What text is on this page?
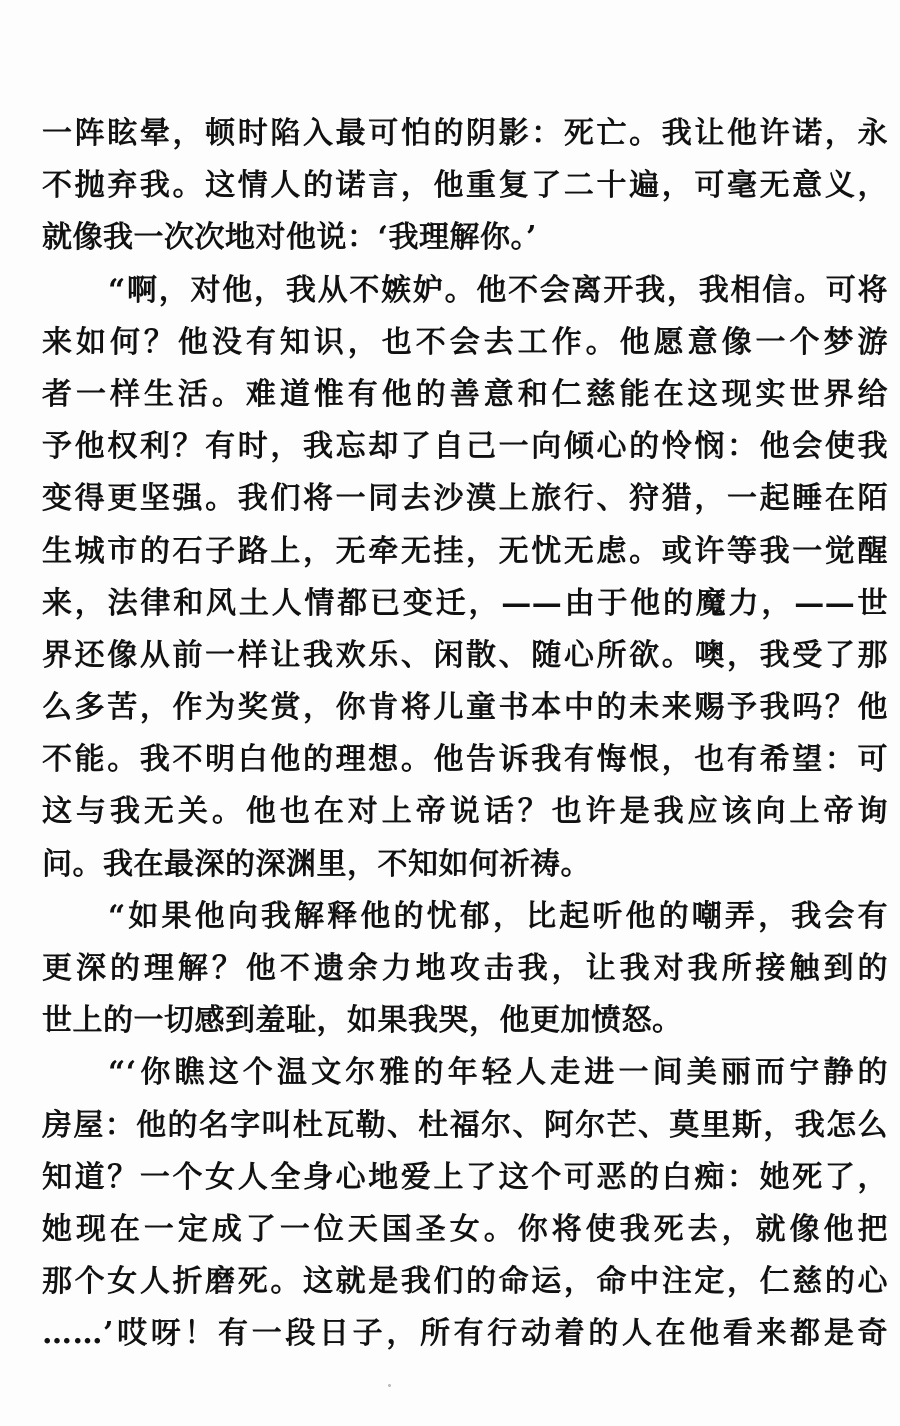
一阵眩晕，顿时陷入最可怕的阴影：死亡。我让他许诺，永
不抛弃我。这情人的诺言，他重复了二十遍，可毫无意义，
就像我一次次地对他说：‘我理解你。’
“啊，对他，我从不嫉妒。他不会离开我，我相信。可将
来如何？他没有知识，也不会去工作。他愿意像一个梦游
者一样生活。难道惟有他的善意和仁慈能在这现实世界给
予他权利？有时，我忘却了自己一向倾心的怜悯：他会使我
变得更坚强。我们将一同去沙漠上旅行、狩猎，一起睡在陌
生城市的石子路上，无牵无挂，无忧无虑。或许等我一觉醒
来，法律和风土人情都已变迁，——由于他的魔力，——世
界还像从前一样让我欢乐、闲散、随心所欲。噢，我受了那
么多苦，作为奖赏，你肯将儿童书本中的未来赐予我吗？他
不能。我不明白他的理想。他告诉我有悔恨，也有希望：可
这与我无关。他也在对上帝说话？也许是我应该向上帝询
问。我在最深的深渊里，不知如何祈祷。
“如果他向我解释他的忧郁，比起听他的嘲弄，我会有
更深的理解？他不遗余力地攻击我，让我对我所接触到的
世上的一切感到羞耻，如果我哭，他更加愤怒。
“‘你瞧这个温文尔雅的年轻人走进一间美丽而宁静的
房屋：他的名字叫杜瓦勒、杜福尔、阿尔芒、莫里斯，我怎么
知道？一个女人全身心地爱上了这个可恶的白痴：她死了，
她现在一定成了一位天国圣女。你将使我死去，就像他把
那个女人折磨死。这就是我们的命运，命中注定，仁慈的心
……’哎呀！有一段日子，所有行动着的人在他看来都是奇
